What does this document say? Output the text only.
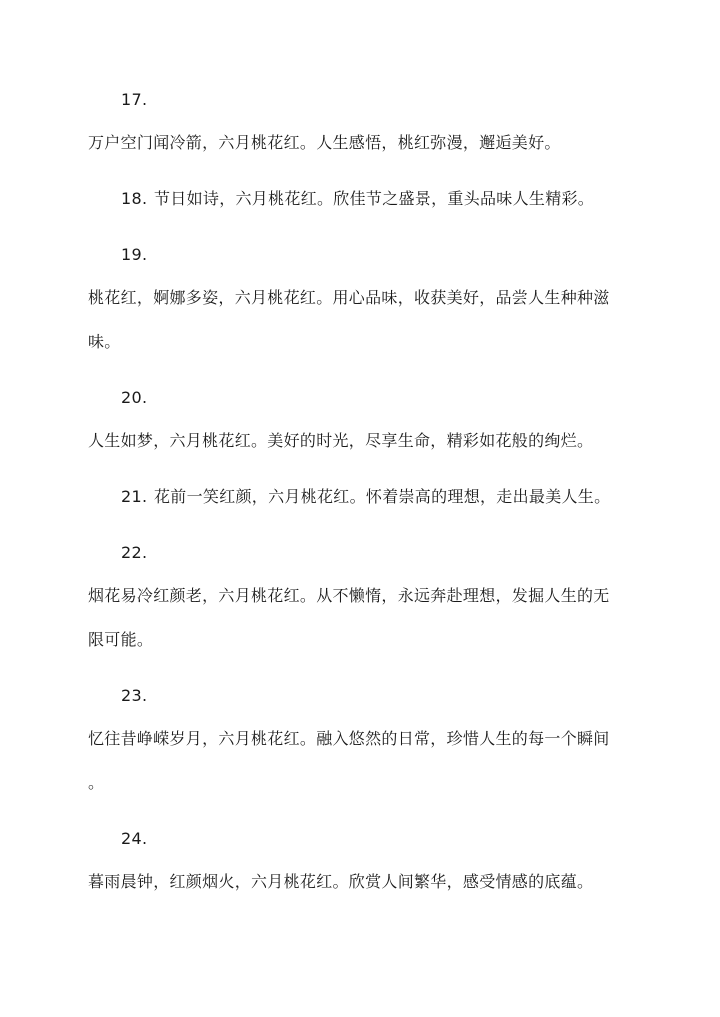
17.
万户空门闻冷箭，六月桃花红。人生感悟，桃红弥漫，邂逅美好。
18. 节日如诗，六月桃花红。欣佳节之盛景，重头品味人生精彩。
19.
桃花红，婀娜多姿，六月桃花红。用心品味，收获美好，品尝人生种种滋
味。
20.
人生如梦，六月桃花红。美好的时光，尽享生命，精彩如花般的绚烂。
21. 花前一笑红颜，六月桃花红。怀着崇高的理想，走出最美人生。
22.
烟花易冷红颜老，六月桃花红。从不懒惰，永远奔赴理想，发掘人生的无
限可能。
23.
忆往昔峥嵘岁月，六月桃花红。融入悠然的日常，珍惜人生的每一个瞬间
。
24.
暮雨晨钟，红颜烟火，六月桃花红。欣赏人间繁华，感受情感的底蕴。
